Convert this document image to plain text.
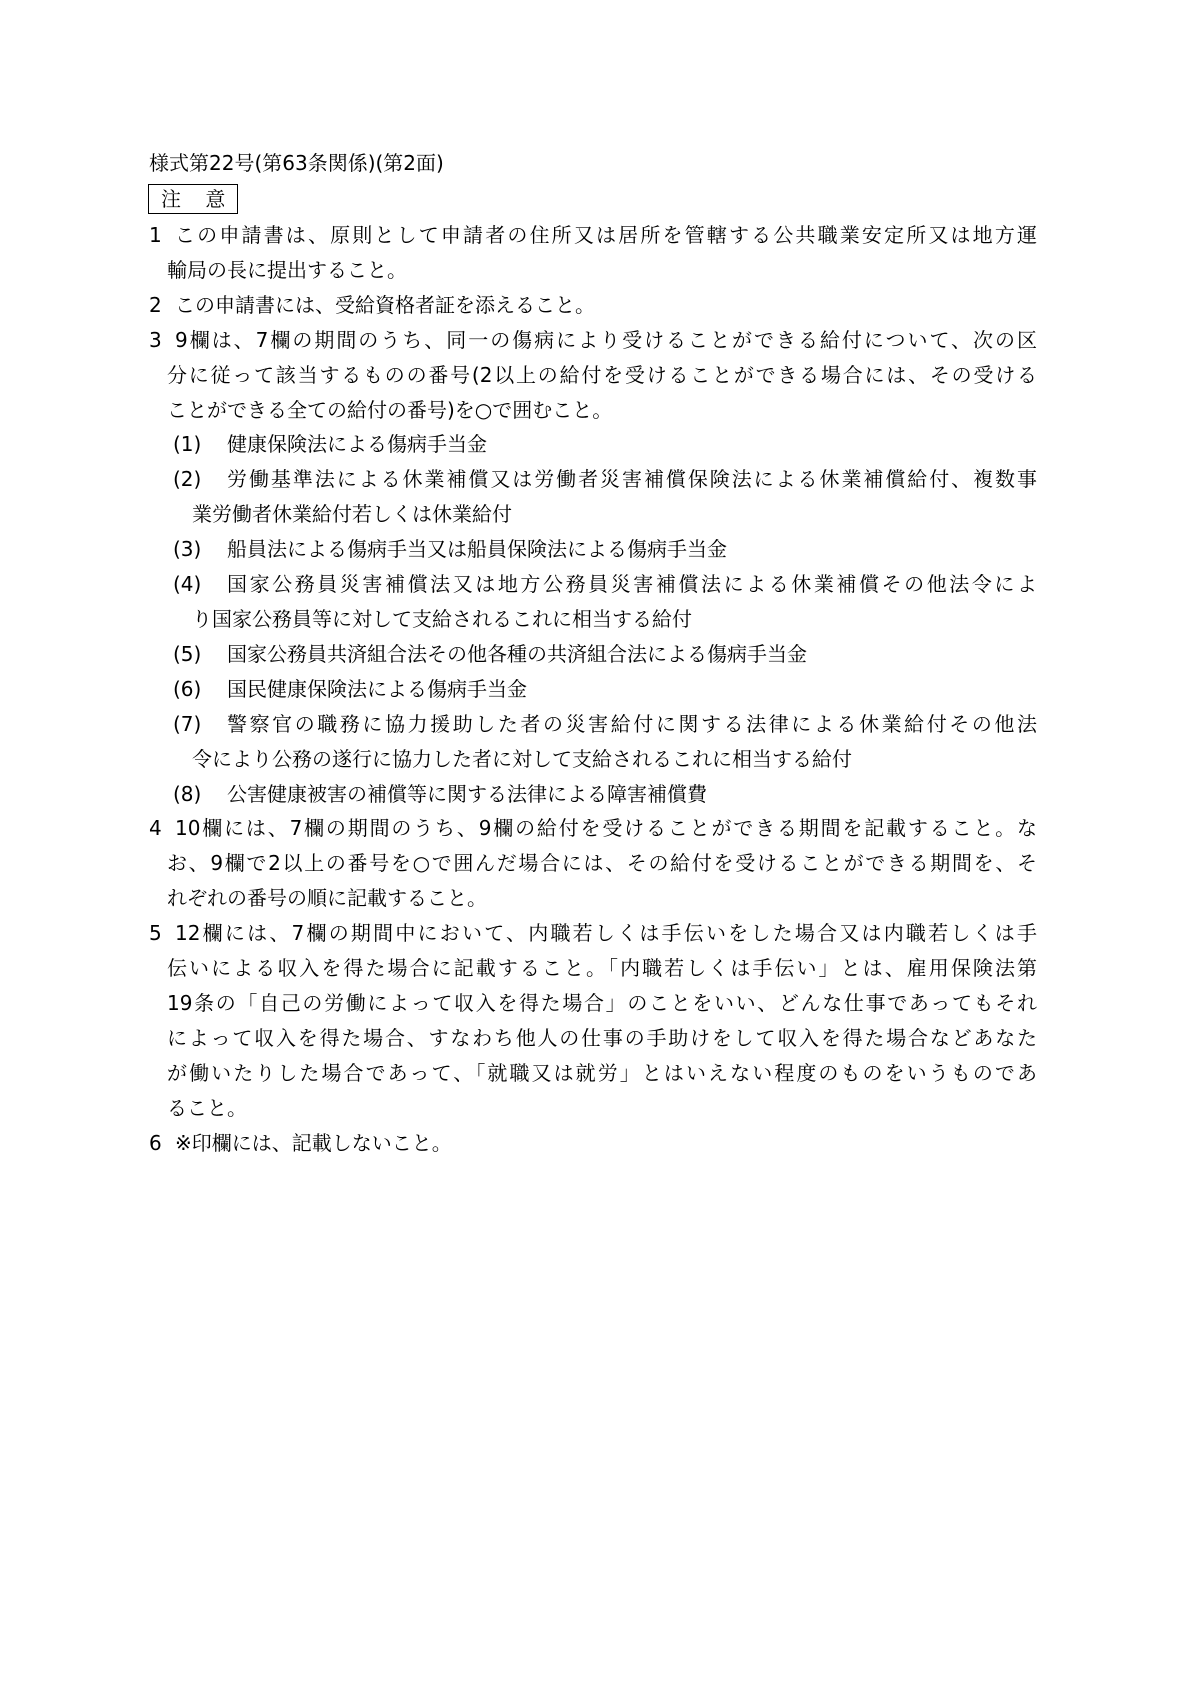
様式第22号(第63条関係)(第2面)
注 意
1 この申請書は、原則として申請者の住所又は居所を管轄する公共職業安定所又は地方運
輸局の長に提出すること。
2 この申請書には、受給資格者証を添えること。
3 9欄は、7欄の期間のうち、同一の傷病により受けることができる給付について、次の区
分に従って該当するものの番号(2以上の給付を受けることができる場合には、その受ける
ことができる全ての給付の番号)を○で囲むこと。
(1)	健康保険法による傷病手当金
(2)	労働基準法による休業補償又は労働者災害補償保険法による休業補償給付、複数事
業労働者休業給付若しくは休業給付
(3)	船員法による傷病手当又は船員保険法による傷病手当金
(4)	国家公務員災害補償法又は地方公務員災害補償法による休業補償その他法令によ
り国家公務員等に対して支給されるこれに相当する給付
(5)	国家公務員共済組合法その他各種の共済組合法による傷病手当金
(6)	国民健康保険法による傷病手当金
(7)	警察官の職務に協力援助した者の災害給付に関する法律による休業給付その他法
令により公務の遂行に協力した者に対して支給されるこれに相当する給付
(8)	公害健康被害の補償等に関する法律による障害補償費
4 10欄には、7欄の期間のうち、9欄の給付を受けることができる期間を記載すること。な
お、9欄で2以上の番号を○で囲んだ場合には、その給付を受けることができる期間を、そ
れぞれの番号の順に記載すること。
5 12欄には、7欄の期間中において、内職若しくは手伝いをした場合又は内職若しくは手
伝いによる収入を得た場合に記載すること。「内職若しくは手伝い」とは、雇用保険法第
19条の「自己の労働によって収入を得た場合」のことをいい、どんな仕事であってもそれ
によって収入を得た場合、すなわち他人の仕事の手助けをして収入を得た場合などあなた
が働いたりした場合であって、「就職又は就労」とはいえない程度のものをいうものであ
ること。
6 ※印欄には、記載しないこと。
